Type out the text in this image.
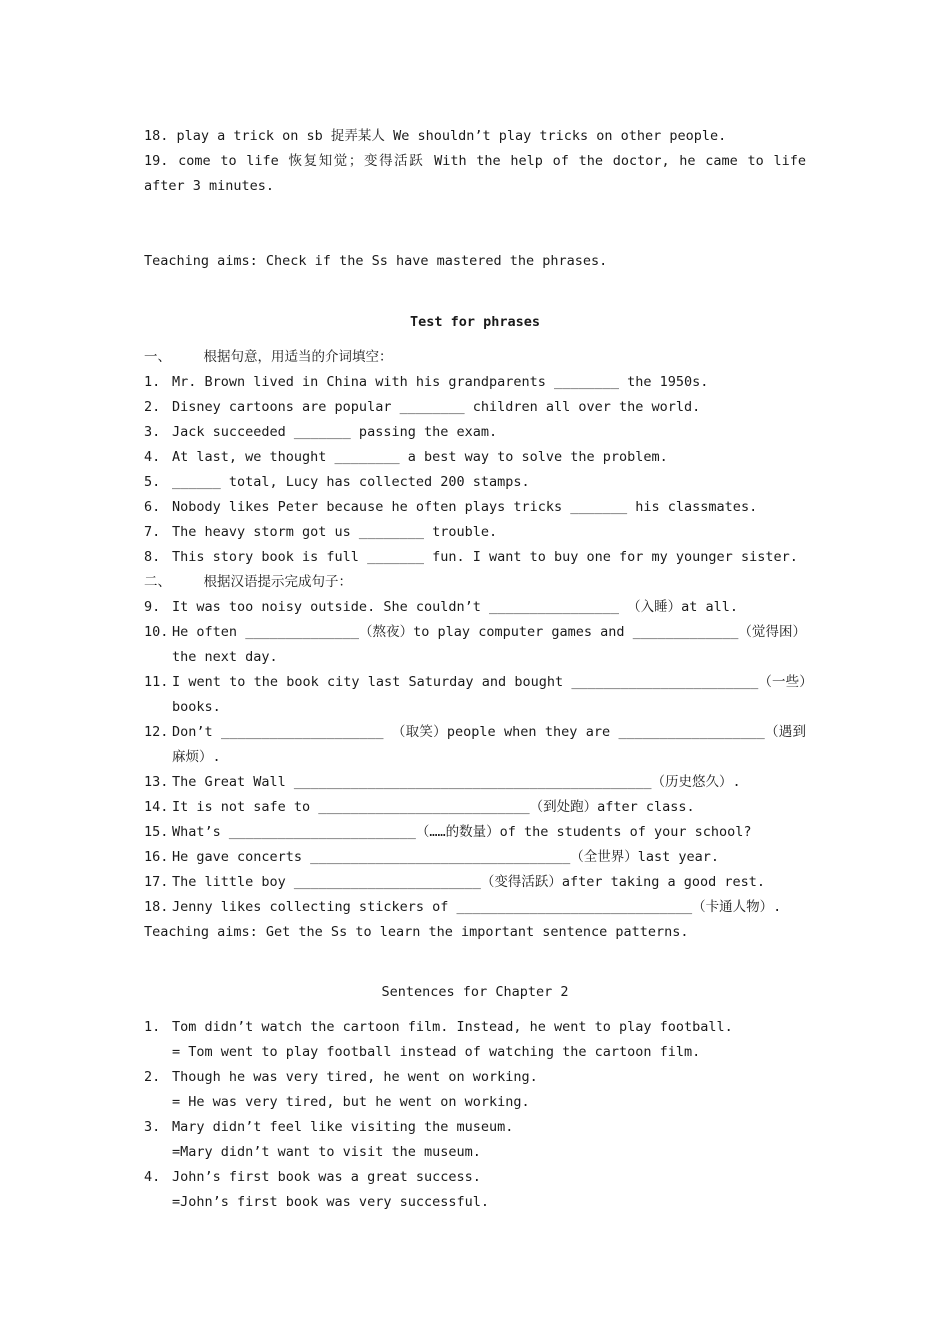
18. play a trick on sb 捉弄某人 We shouldn’t play tricks on other people.
19. come to life 恢复知觉；变得活跃 With the help of the doctor, he came to life after 3 minutes.
Teaching aims: Check if the Ss have mastered the phrases.
Test for phrases
一、    根据句意，用适当的介词填空：
1. Mr. Brown lived in China with his grandparents ________ the 1950s.
2. Disney cartoons are popular ________ children all over the world.
3. Jack succeeded _______ passing the exam.
4. At last, we thought ________ a best way to solve the problem.
5. ______ total, Lucy has collected 200 stamps.
6. Nobody likes Peter because he often plays tricks _______ his classmates.
7. The heavy storm got us ________ trouble.
8. This story book is full _______ fun. I want to buy one for my younger sister.
二、    根据汉语提示完成句子：
9. It was too noisy outside. She couldn’t ________________ （入睡）at all.
10. He often ______________（熬夜）to play computer games and _____________（觉得困） the next day.
11. I went to the book city last Saturday and bought _______________________（一些）books.
12. Don’t ____________________ （取笑）people when they are __________________（遇到麻烦）.
13. The Great Wall ____________________________________________（历史悠久）.
14. It is not safe to __________________________（到处跑）after class.
15. What’s _______________________（……的数量）of the students of your school?
16. He gave concerts ________________________________（全世界）last year.
17. The little boy _______________________（变得活跃）after taking a good rest.
18. Jenny likes collecting stickers of _____________________________（卡通人物）.
Teaching aims: Get the Ss to learn the important sentence patterns.
Sentences for Chapter 2
1. Tom didn’t watch the cartoon film. Instead, he went to play football.
= Tom went to play football instead of watching the cartoon film.
2. Though he was very tired, he went on working.
= He was very tired, but he went on working.
3. Mary didn’t feel like visiting the museum.
=Mary didn’t want to visit the museum.
4. John’s first book was a great success.
=John’s first book was very successful.
